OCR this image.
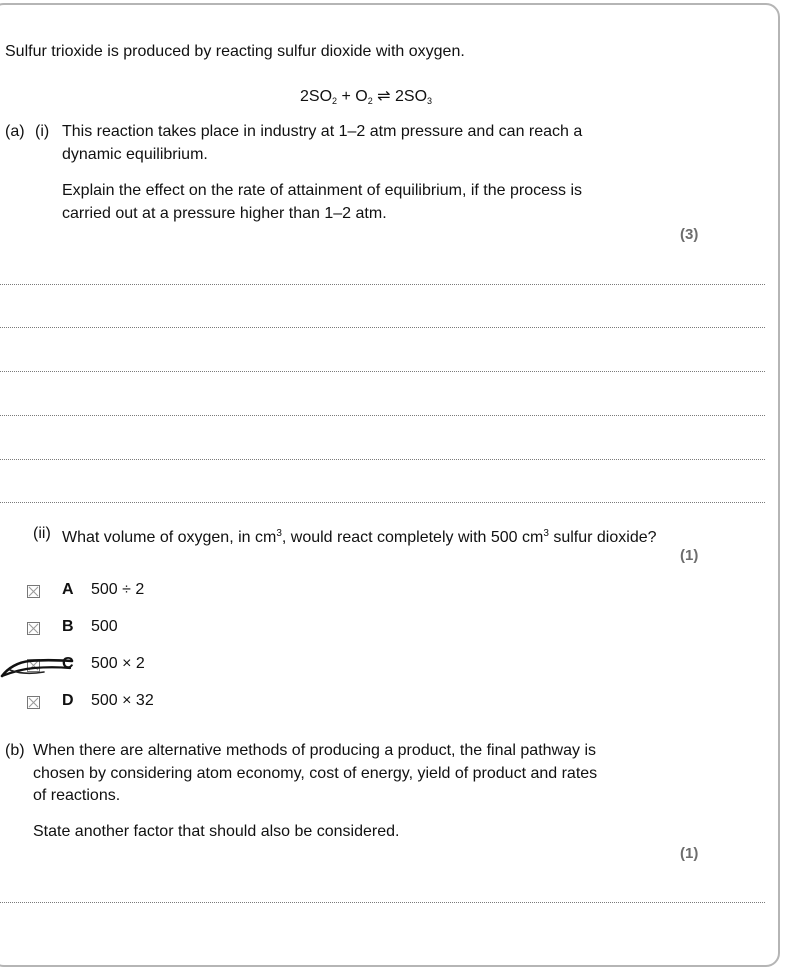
Sulfur trioxide is produced by reacting sulfur dioxide with oxygen.
$2SO_2 + O_2$ ⇌ $2SO_3$
(a) (i) This reaction takes place in industry at 1–2 atm pressure and can reach a
dynamic equilibrium.
Explain the effect on the rate of attainment of equilibrium, if the process is
carried out at a pressure higher than 1–2 atm.
(3)
(ii) What volume of oxygen, in $cm^3$, would react completely with 500 $cm^3$ sulfur dioxide?
(1)
A 500 ÷ 2
B 500
C 500 × 2
D 500 × 32
(b) When there are alternative methods of producing a product, the final pathway is
chosen by considering atom economy, cost of energy, yield of product and rates
of reactions.
State another factor that should also be considered.
(1)
